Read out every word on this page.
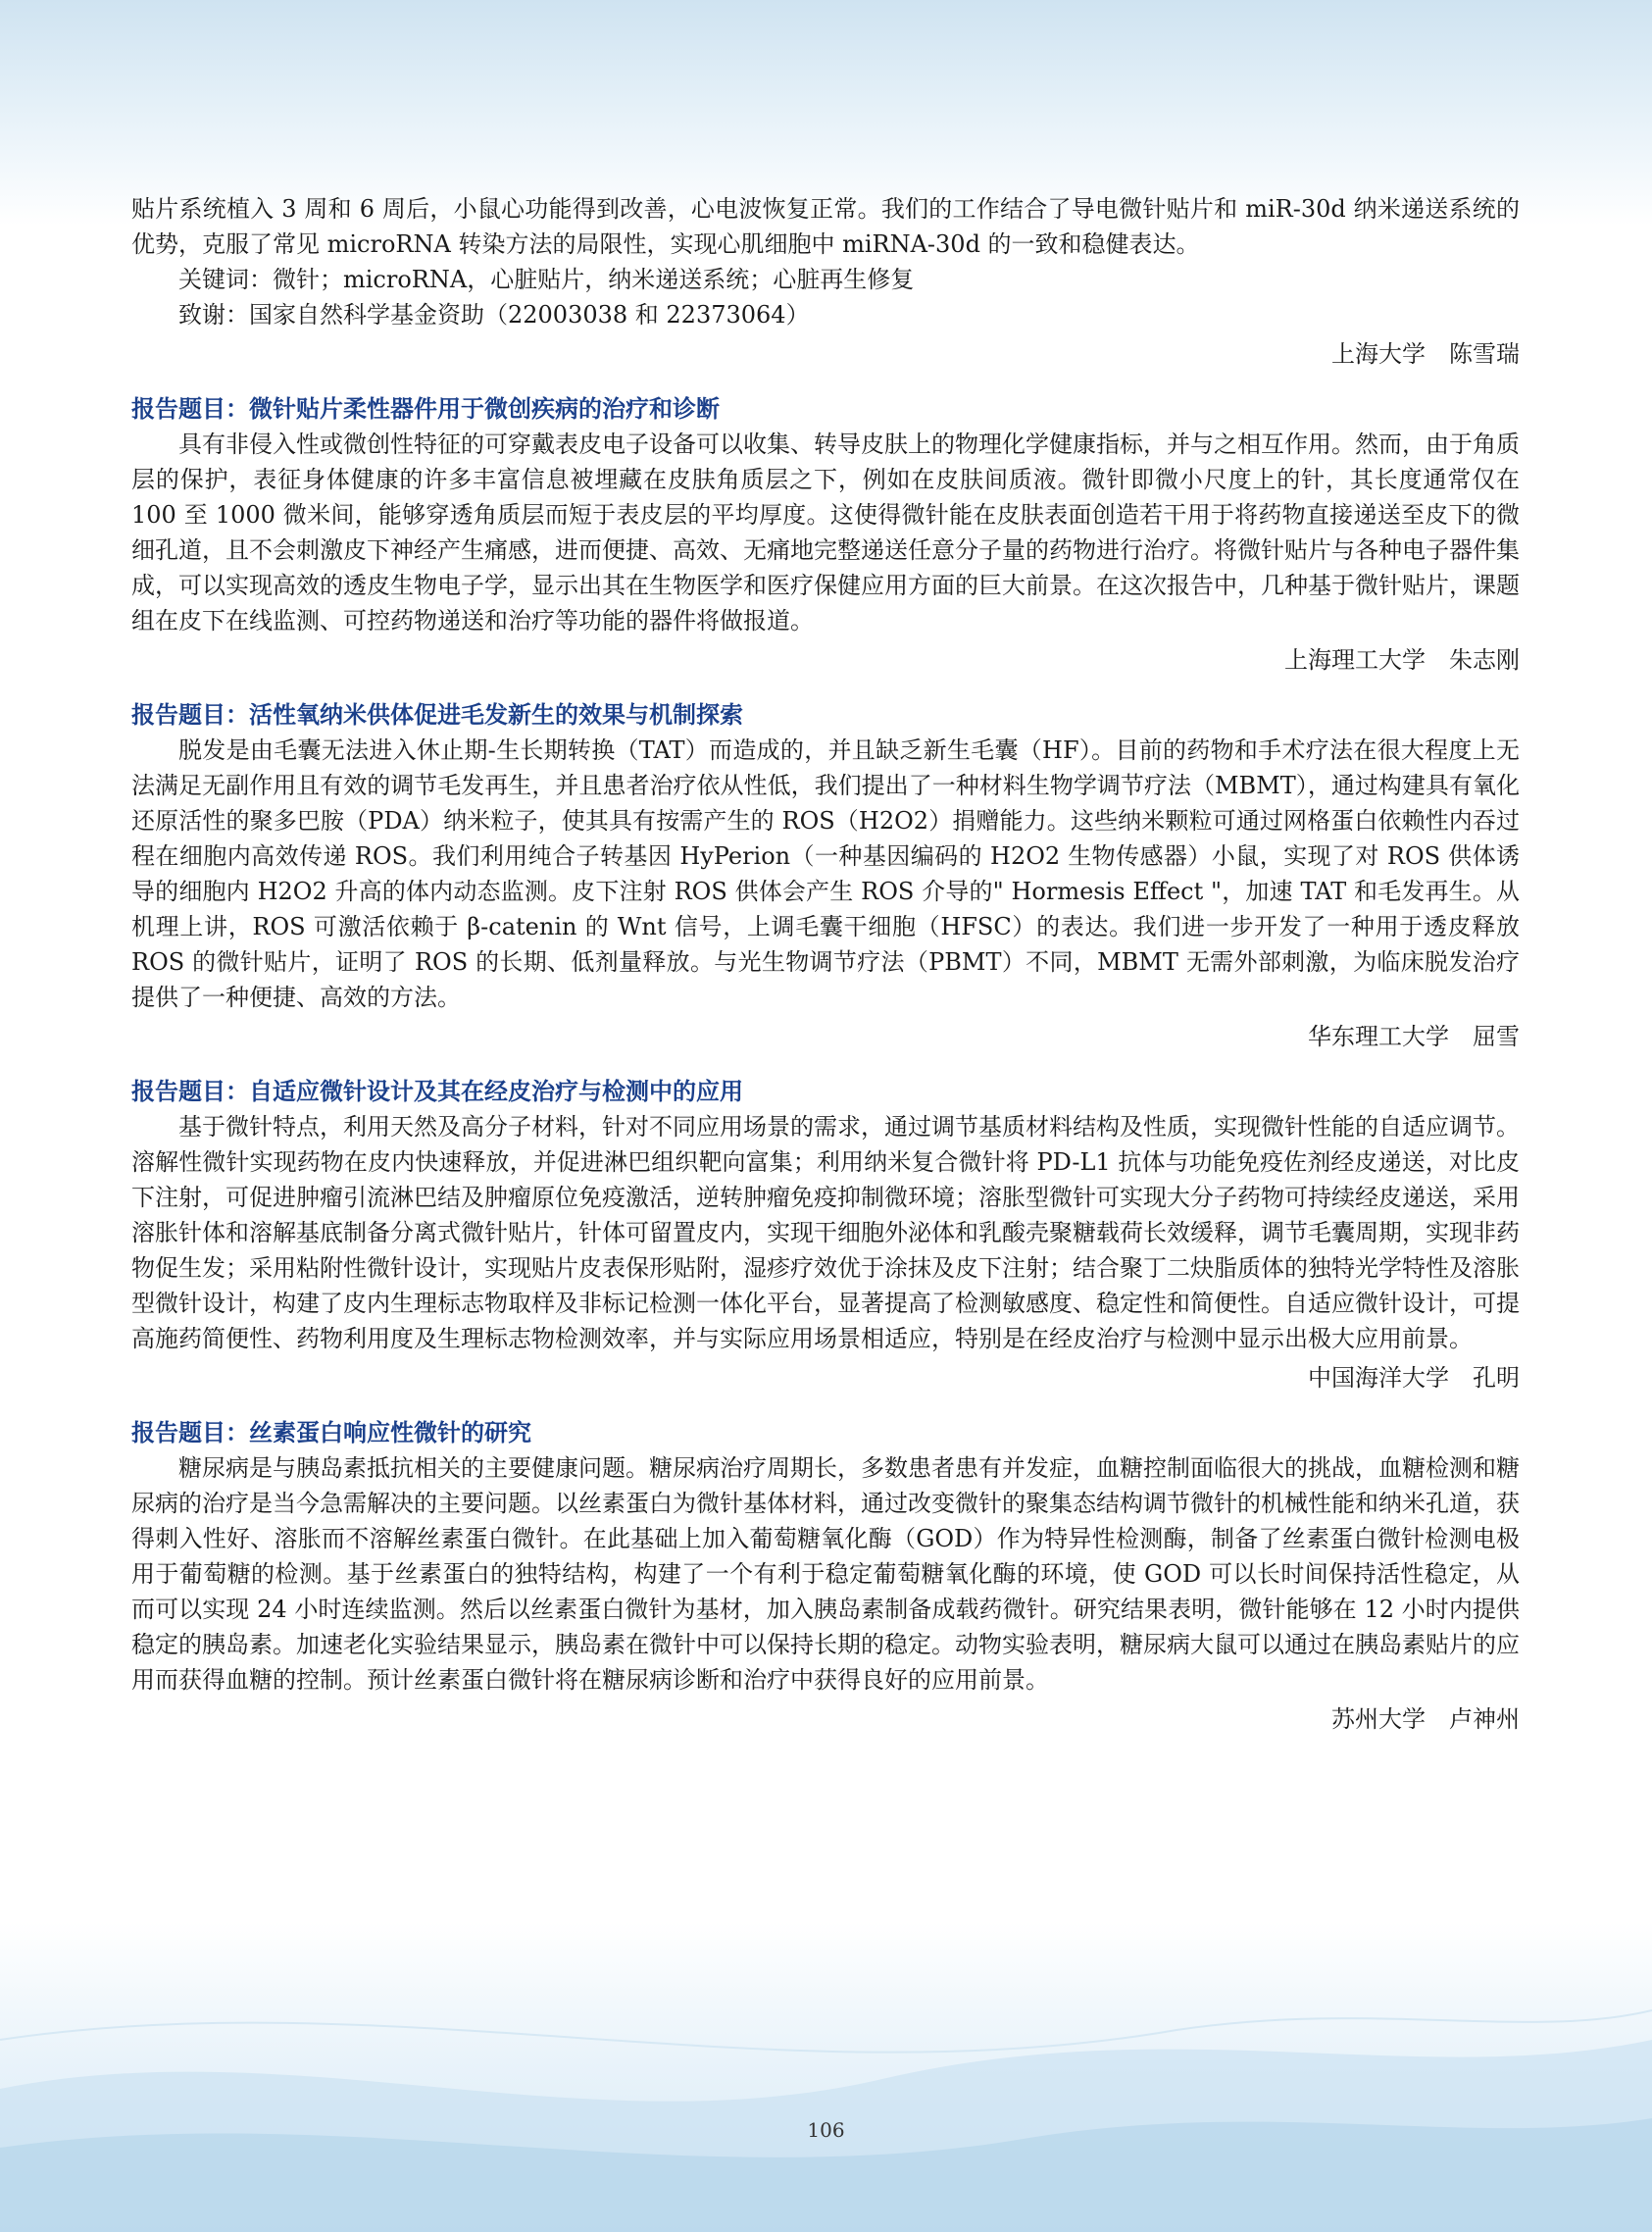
贴片系统植入 3 周和 6 周后，小鼠心功能得到改善，心电波恢复正常。我们的工作结合了导电微针贴片和 miR-30d 纳米递送系统的优势，克服了常见 microRNA 转染方法的局限性，实现心肌细胞中 miRNA-30d 的一致和稳健表达。

关键词：微针；microRNA，心脏贴片，纳米递送系统；心脏再生修复

致谢：国家自然科学基金资助（22003038 和 22373064）

上海大学　陈雪瑞

报告题目：微针贴片柔性器件用于微创疾病的治疗和诊断

具有非侵入性或微创性特征的可穿戴表皮电子设备可以收集、转导皮肤上的物理化学健康指标，并与之相互作用。然而，由于角质层的保护，表征身体健康的许多丰富信息被埋藏在皮肤角质层之下，例如在皮肤间质液。微针即微小尺度上的针，其长度通常仅在 100 至 1000 微米间，能够穿透角质层而短于表皮层的平均厚度。这使得微针能在皮肤表面创造若干用于将药物直接递送至皮下的微细孔道，且不会刺激皮下神经产生痛感，进而便捷、高效、无痛地完整递送任意分子量的药物进行治疗。将微针贴片与各种电子器件集成，可以实现高效的透皮生物电子学，显示出其在生物医学和医疗保健应用方面的巨大前景。在这次报告中，几种基于微针贴片，课题组在皮下在线监测、可控药物递送和治疗等功能的器件将做报道。

上海理工大学　朱志刚

报告题目：活性氧纳米供体促进毛发新生的效果与机制探索

脱发是由毛囊无法进入休止期-生长期转换（TAT）而造成的，并且缺乏新生毛囊（HF）。目前的药物和手术疗法在很大程度上无法满足无副作用且有效的调节毛发再生，并且患者治疗依从性低，我们提出了一种材料生物学调节疗法（MBMT），通过构建具有氧化还原活性的聚多巴胺（PDA）纳米粒子，使其具有按需产生的 ROS（H2O2）捐赠能力。这些纳米颗粒可通过网格蛋白依赖性内吞过程在细胞内高效传递 ROS。我们利用纯合子转基因 HyPerion（一种基因编码的 H2O2 生物传感器）小鼠，实现了对 ROS 供体诱导的细胞内 H2O2 升高的体内动态监测。皮下注射 ROS 供体会产生 ROS 介导的" Hormesis Effect "，加速 TAT 和毛发再生。从机理上讲，ROS 可激活依赖于 β-catenin 的 Wnt 信号，上调毛囊干细胞（HFSC）的表达。我们进一步开发了一种用于透皮释放 ROS 的微针贴片，证明了 ROS 的长期、低剂量释放。与光生物调节疗法（PBMT）不同，MBMT 无需外部刺激，为临床脱发治疗提供了一种便捷、高效的方法。

华东理工大学　屈雪

报告题目：自适应微针设计及其在经皮治疗与检测中的应用

基于微针特点，利用天然及高分子材料，针对不同应用场景的需求，通过调节基质材料结构及性质，实现微针性能的自适应调节。溶解性微针实现药物在皮内快速释放，并促进淋巴组织靶向富集；利用纳米复合微针将 PD-L1 抗体与功能免疫佐剂经皮递送，对比皮下注射，可促进肿瘤引流淋巴结及肿瘤原位免疫激活，逆转肿瘤免疫抑制微环境；溶胀型微针可实现大分子药物可持续经皮递送，采用溶胀针体和溶解基底制备分离式微针贴片，针体可留置皮内，实现干细胞外泌体和乳酸壳聚糖载荷长效缓释，调节毛囊周期，实现非药物促生发；采用粘附性微针设计，实现贴片皮表保形贴附，湿疹疗效优于涂抹及皮下注射；结合聚丁二炔脂质体的独特光学特性及溶胀型微针设计，构建了皮内生理标志物取样及非标记检测一体化平台，显著提高了检测敏感度、稳定性和简便性。自适应微针设计，可提高施药简便性、药物利用度及生理标志物检测效率，并与实际应用场景相适应，特别是在经皮治疗与检测中显示出极大应用前景。

中国海洋大学　孔明

报告题目：丝素蛋白响应性微针的研究

糖尿病是与胰岛素抵抗相关的主要健康问题。糖尿病治疗周期长，多数患者患有并发症，血糖控制面临很大的挑战，血糖检测和糖尿病的治疗是当今急需解决的主要问题。以丝素蛋白为微针基体材料，通过改变微针的聚集态结构调节微针的机械性能和纳米孔道，获得刺入性好、溶胀而不溶解丝素蛋白微针。在此基础上加入葡萄糖氧化酶（GOD）作为特异性检测酶，制备了丝素蛋白微针检测电极用于葡萄糖的检测。基于丝素蛋白的独特结构，构建了一个有利于稳定葡萄糖氧化酶的环境，使 GOD 可以长时间保持活性稳定，从而可以实现 24 小时连续监测。然后以丝素蛋白微针为基材，加入胰岛素制备成载药微针。研究结果表明，微针能够在 12 小时内提供稳定的胰岛素。加速老化实验结果显示，胰岛素在微针中可以保持长期的稳定。动物实验表明，糖尿病大鼠可以通过在胰岛素贴片的应用而获得血糖的控制。预计丝素蛋白微针将在糖尿病诊断和治疗中获得良好的应用前景。

苏州大学　卢神州

106
